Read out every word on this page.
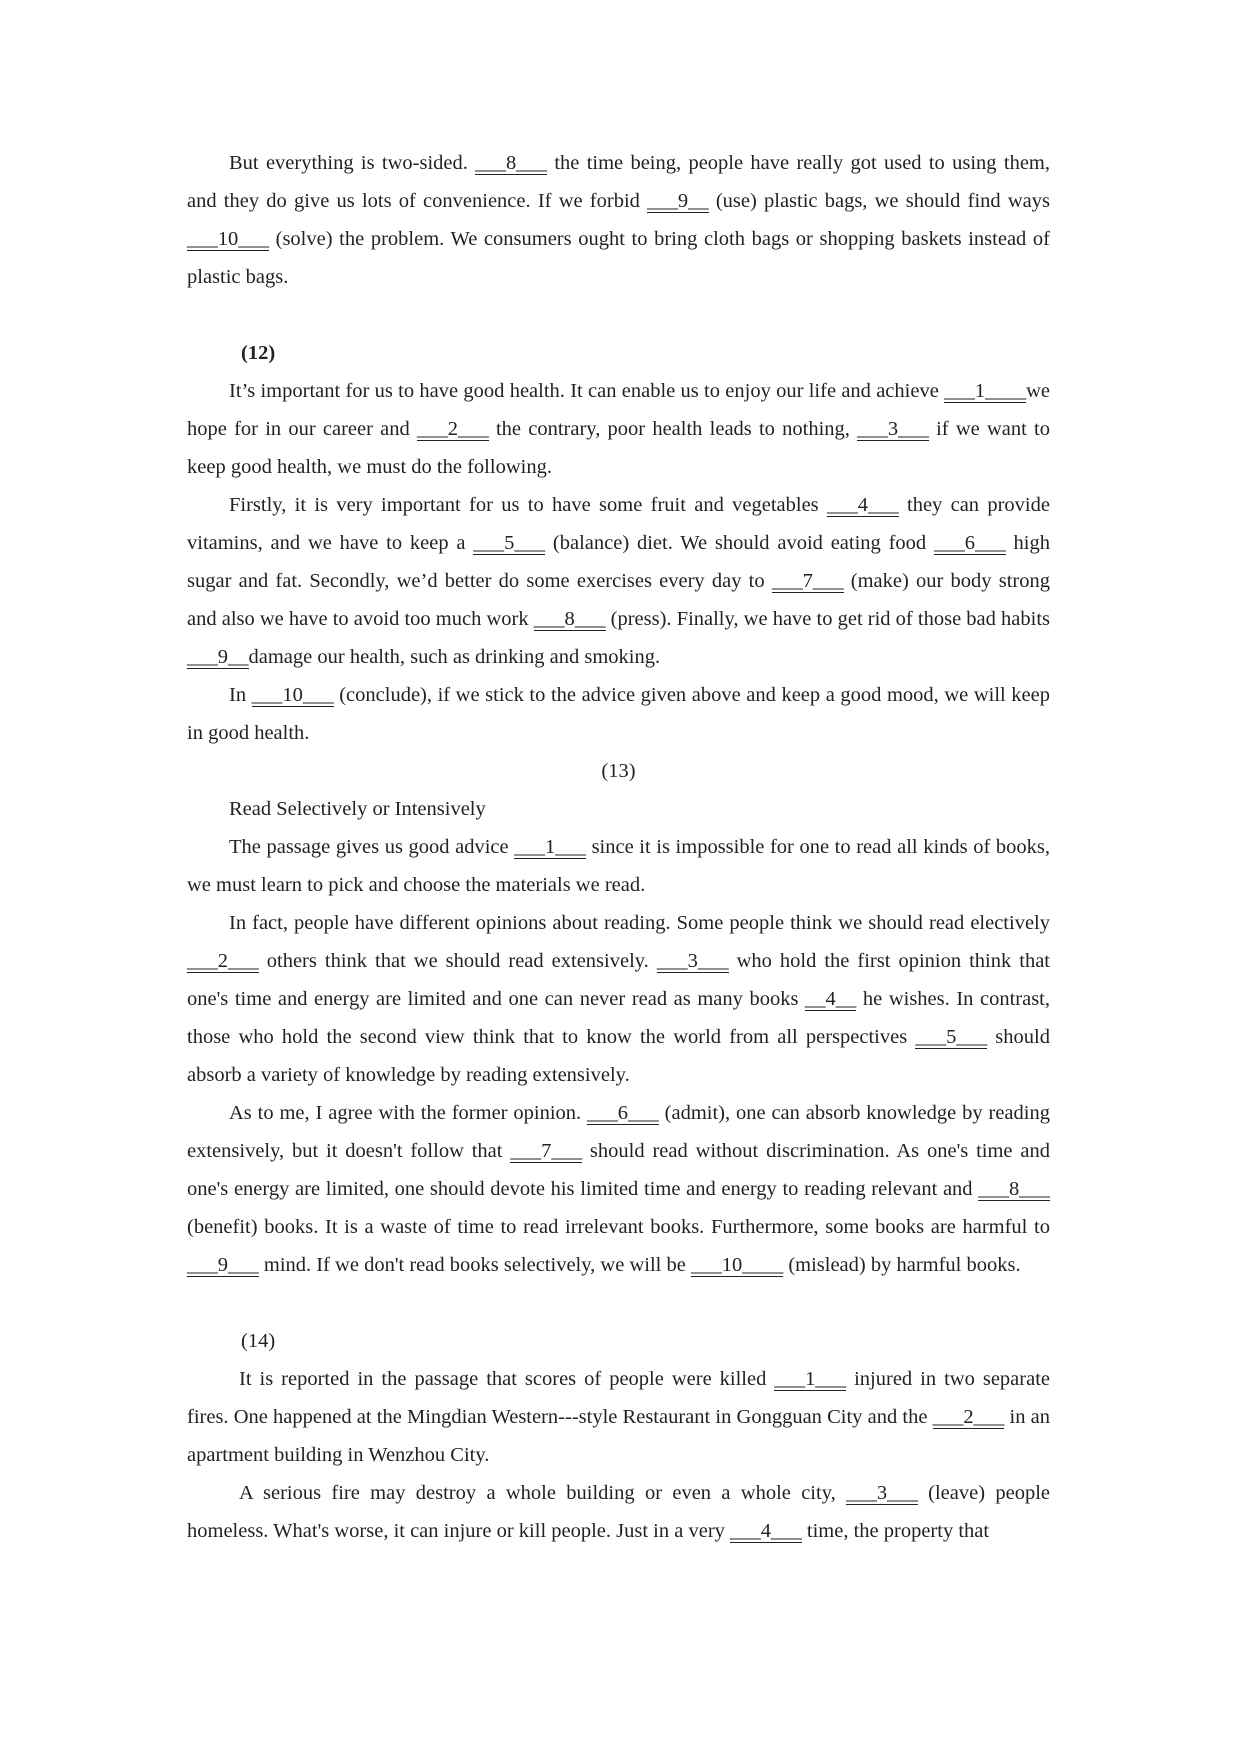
But everything is two-sided. ___8___ the time being, people have really got used to using them, and they do give us lots of convenience. If we forbid ___9__ (use) plastic bags, we should find ways ___10___ (solve) the problem. We consumers ought to bring cloth bags or shopping baskets instead of plastic bags.

(12)

It’s important for us to have good health. It can enable us to enjoy our life and achieve ___1____we hope for in our career and ___2___ the contrary, poor health leads to nothing, ___3___ if we want to keep good health, we must do the following.

Firstly, it is very important for us to have some fruit and vegetables ___4___ they can provide vitamins, and we have to keep a ___5___ (balance) diet. We should avoid eating food ___6___ high sugar and fat. Secondly, we’d better do some exercises every day to ___7___ (make) our body strong and also we have to avoid too much work ___8___ (press). Finally, we have to get rid of those bad habits ___9__damage our health, such as drinking and smoking.

In ___10___ (conclude), if we stick to the advice given above and keep a good mood, we will keep in good health.

(13)

Read Selectively or Intensively

The passage gives us good advice ___1___ since it is impossible for one to read all kinds of books, we must learn to pick and choose the materials we read.

In fact, people have different opinions about reading. Some people think we should read electively ___2___ others think that we should read extensively. ___3___ who hold the first opinion think that one's time and energy are limited and one can never read as many books __4__ he wishes. In contrast, those who hold the second view think that to know the world from all perspectives ___5___ should absorb a variety of knowledge by reading extensively.

As to me, I agree with the former opinion. ___6___ (admit), one can absorb knowledge by reading extensively, but it doesn't follow that ___7___ should read without discrimination. As one's time and one's energy are limited, one should devote his limited time and energy to reading relevant and ___8___ (benefit) books. It is a waste of time to read irrelevant books. Furthermore, some books are harmful to ___9___ mind. If we don't read books selectively, we will be ___10____ (mislead) by harmful books.

(14)

It is reported in the passage that scores of people were killed ___1___ injured in two separate fires. One happened at the Mingdian Western---style Restaurant in Gongguan City and the ___2___ in an apartment building in Wenzhou City.

A serious fire may destroy a whole building or even a whole city, ___3___ (leave) people homeless. What's worse, it can injure or kill people. Just in a very ___4___ time, the property that
